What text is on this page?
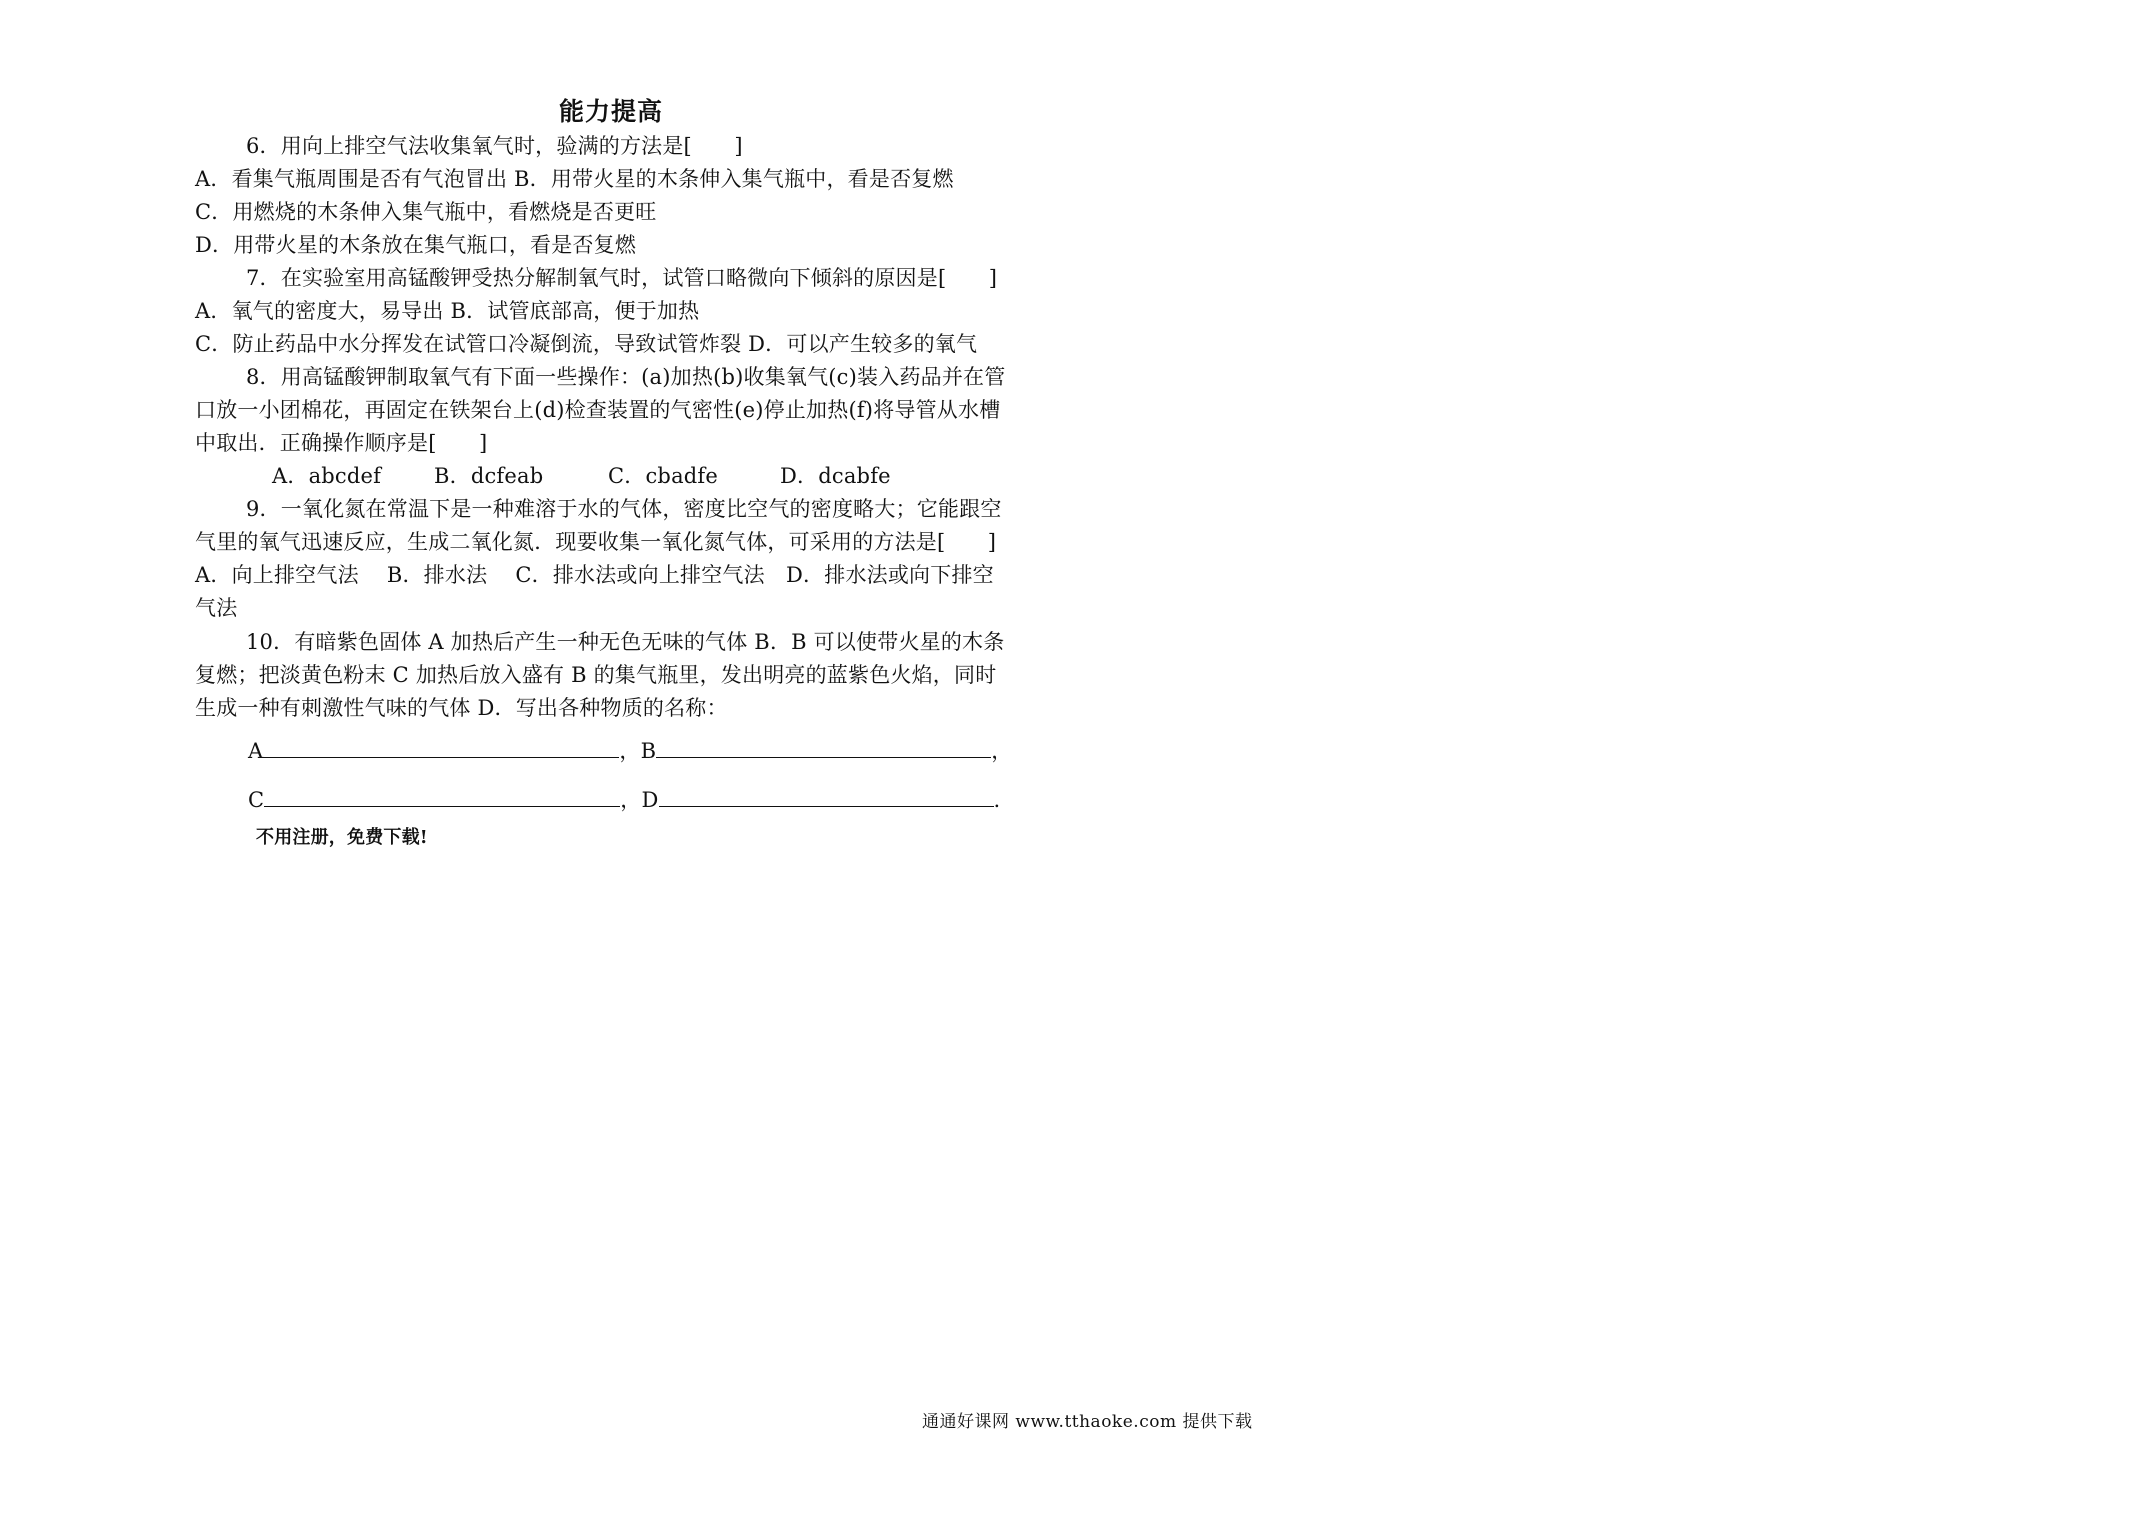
能力提高
6．用向上排空气法收集氧气时，验满的方法是[　　]
A．看集气瓶周围是否有气泡冒出 B．用带火星的木条伸入集气瓶中，看是否复燃
C．用燃烧的木条伸入集气瓶中，看燃烧是否更旺
D．用带火星的木条放在集气瓶口，看是否复燃
7．在实验室用高锰酸钾受热分解制氧气时，试管口略微向下倾斜的原因是[　　]
A．氧气的密度大，易导出 B．试管底部高，便于加热
C．防止药品中水分挥发在试管口冷凝倒流，导致试管炸裂 D．可以产生较多的氧气
8．用高锰酸钾制取氧气有下面一些操作：(a)加热(b)收集氧气(c)装入药品并在管
口放一小团棉花，再固定在铁架台上(d)检查装置的气密性(e)停止加热(f)将导管从水槽
中取出．正确操作顺序是[　　]
A．abcdef	B．dcfeab	C．cbadfe	D．dcabfe
9．一氧化氮在常温下是一种难溶于水的气体，密度比空气的密度略大；它能跟空
气里的氧气迅速反应，生成二氧化氮．现要收集一氧化氮气体，可采用的方法是[　　]
A．向上排空气法　 B．排水法　 C．排水法或向上排空气法　D．排水法或向下排空
气法
10．有暗紫色固体 A 加热后产生一种无色无味的气体 B．B 可以使带火星的木条
复燃；把淡黄色粉末 C 加热后放入盛有 B 的集气瓶里，发出明亮的蓝紫色火焰，同时
生成一种有刺激性气味的气体 D．写出各种物质的名称：
A	，B	，
C	，D	.
不用注册，免费下载!
通通好课网 www.tthaoke.com 提供下载
